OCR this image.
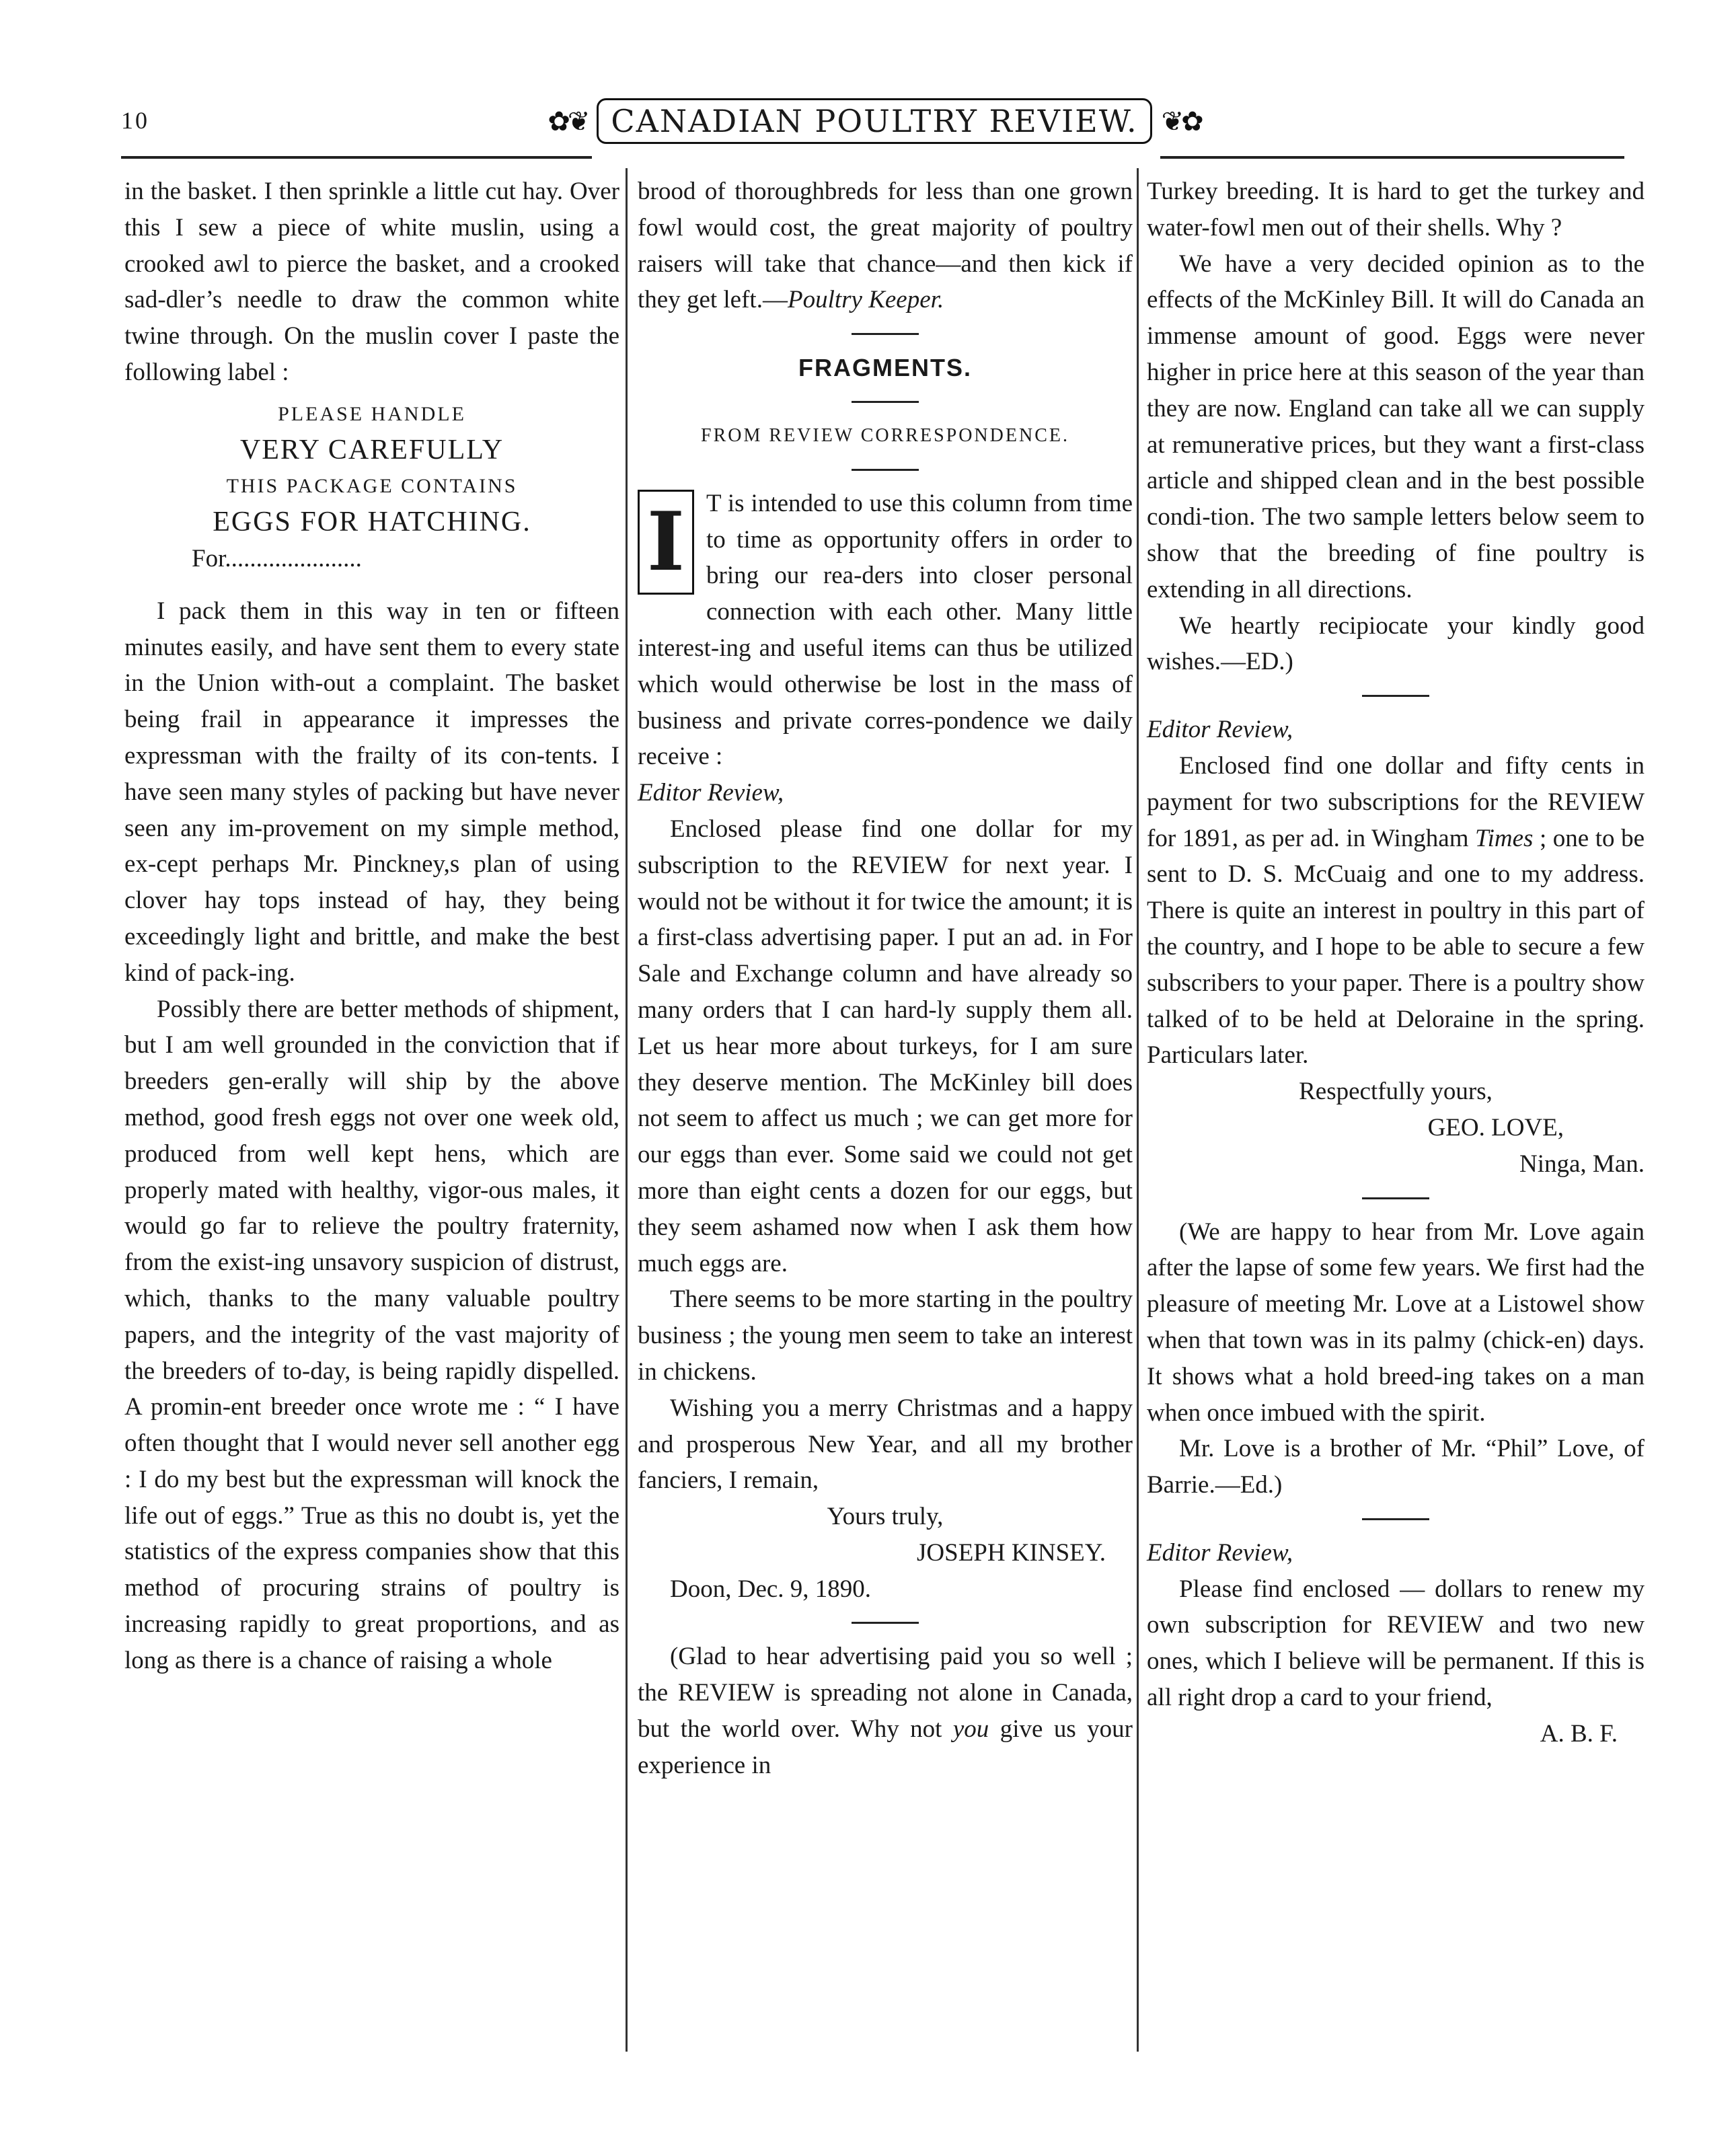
10	✿❦ CANADIAN POULTRY REVIEW. ❦✿

in the basket. I then sprinkle a little cut hay. Over this I sew a piece of white muslin, using a crooked awl to pierce the basket, and a crooked sad-dler’s needle to draw the common white twine through. On the muslin cover I paste the following label :

PLEASE HANDLE
VERY CAREFULLY
THIS PACKAGE CONTAINS
EGGS FOR HATCHING.
For......................

I pack them in this way in ten or fifteen minutes easily, and have sent them to every state in the Union with-out a complaint. The basket being frail in appearance it impresses the expressman with the frailty of its con-tents. I have seen many styles of packing but have never seen any im-provement on my simple method, ex-cept perhaps Mr. Pinckney,s plan of using clover hay tops instead of hay, they being exceedingly light and brittle, and make the best kind of pack-ing.

Possibly there are better methods of shipment, but I am well grounded in the conviction that if breeders gen-erally will ship by the above method, good fresh eggs not over one week old, produced from well kept hens, which are properly mated with healthy, vigor-ous males, it would go far to relieve the poultry fraternity, from the exist-ing unsavory suspicion of distrust, which, thanks to the many valuable poultry papers, and the integrity of the vast majority of the breeders of to-day, is being rapidly dispelled. A promin-ent breeder once wrote me : “ I have often thought that I would never sell another egg : I do my best but the expressman will knock the life out of eggs.” True as this no doubt is, yet the statistics of the express companies show that this method of procuring strains of poultry is increasing rapidly to great proportions, and as long as there is a chance of raising a whole

brood of thoroughbreds for less than one grown fowl would cost, the great majority of poultry raisers will take that chance—and then kick if they get left.—Poultry Keeper.

FRAGMENTS.
FROM REVIEW CORRESPONDENCE.
I T is intended to use this column from time to time as opportunity offers in order to bring our rea-ders into closer personal connection with each other. Many little interest-ing and useful items can thus be utilized which would otherwise be lost in the mass of business and private corres-pondence we daily receive :

Editor Review,

Enclosed please find one dollar for my subscription to the REVIEW for next year. I would not be without it for twice the amount; it is a first-class advertising paper. I put an ad. in For Sale and Exchange column and have already so many orders that I can hard-ly supply them all. Let us hear more about turkeys, for I am sure they deserve mention. The McKinley bill does not seem to affect us much ; we can get more for our eggs than ever. Some said we could not get more than eight cents a dozen for our eggs, but they seem ashamed now when I ask them how much eggs are.

There seems to be more starting in the poultry business ; the young men seem to take an interest in chickens.

Wishing you a merry Christmas and a happy and prosperous New Year, and all my brother fanciers, I remain,

Yours truly,

JOSEPH KINSEY.

Doon, Dec. 9, 1890.

(Glad to hear advertising paid you so well ; the REVIEW is spreading not alone in Canada, but the world over. Why not you give us your experience in

Turkey breeding. It is hard to get the turkey and water-fowl men out of their shells. Why ?

We have a very decided opinion as to the effects of the McKinley Bill. It will do Canada an immense amount of good. Eggs were never higher in price here at this season of the year than they are now. England can take all we can supply at remunerative prices, but they want a first-class article and shipped clean and in the best possible condi-tion. The two sample letters below seem to show that the breeding of fine poultry is extending in all directions.

We heartly recipiocate your kindly good wishes.—ED.)

Editor Review,

Enclosed find one dollar and fifty cents in payment for two subscriptions for the REVIEW for 1891, as per ad. in Wingham Times ; one to be sent to D. S. McCuaig and one to my address. There is quite an interest in poultry in this part of the country, and I hope to be able to secure a few subscribers to your paper. There is a poultry show talked of to be held at Deloraine in the spring. Particulars later.

Respectfully yours,

GEO. LOVE,

Ninga, Man.

(We are happy to hear from Mr. Love again after the lapse of some few years. We first had the pleasure of meeting Mr. Love at a Listowel show when that town was in its palmy (chick-en) days. It shows what a hold breed-ing takes on a man when once imbued with the spirit.

Mr. Love is a brother of Mr. “Phil” Love, of Barrie.—Ed.)

Editor Review,

Please find enclosed — dollars to renew my own subscription for REVIEW and two new ones, which I believe will be permanent. If this is all right drop a card to your friend,

A. B. F.
